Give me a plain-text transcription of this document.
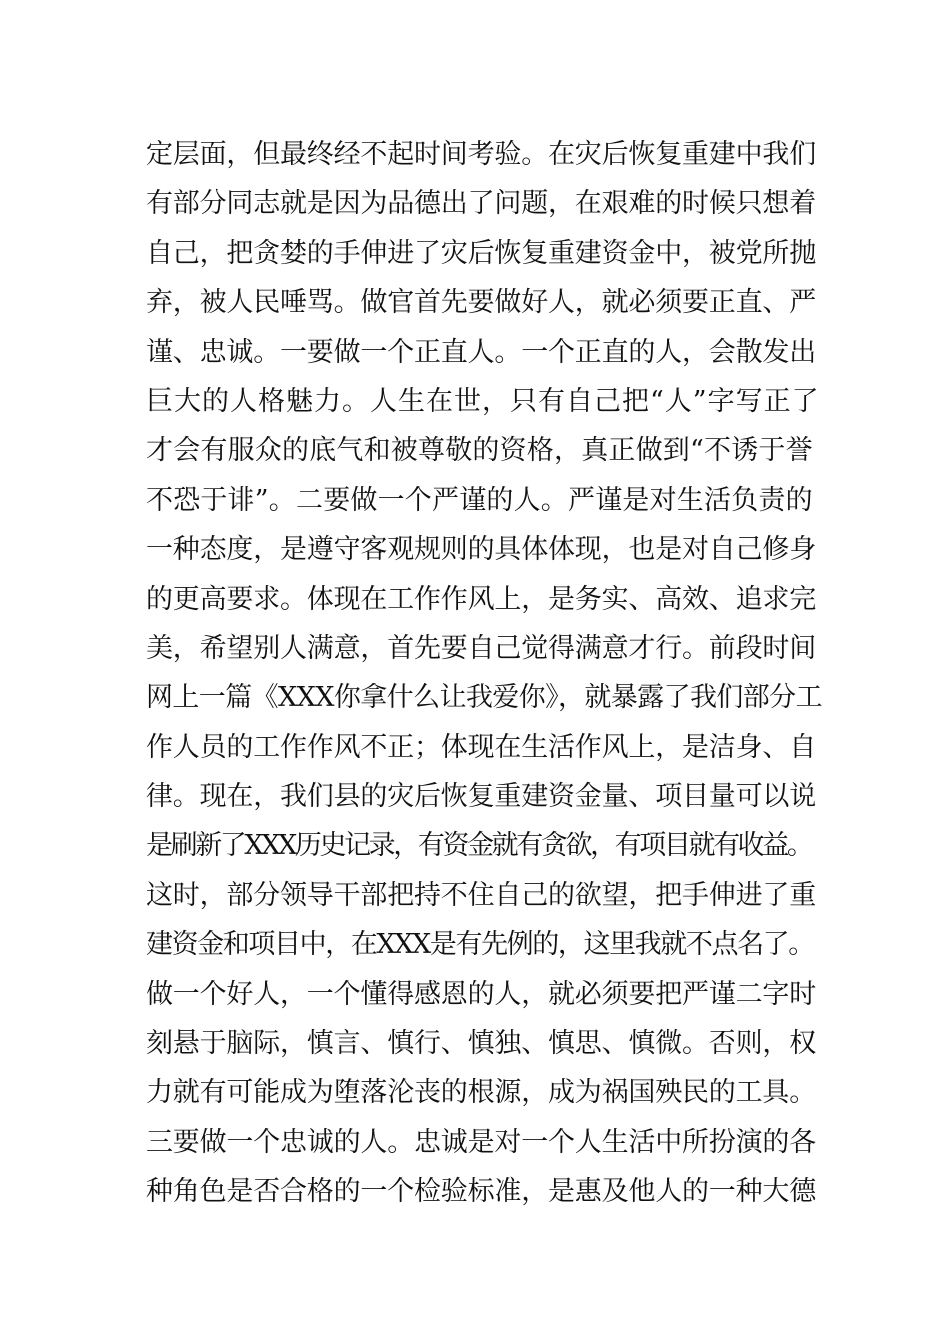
定层面，但最终经不起时间考验。在灾后恢复重建中我们
有部分同志就是因为品德出了问题，在艰难的时候只想着
自己，把贪婪的手伸进了灾后恢复重建资金中，被党所抛
弃，被人民唾骂。做官首先要做好人，就必须要正直、严
谨、忠诚。一要做一个正直人。一个正直的人，会散发出
巨大的人格魅力。人生在世，只有自己把“人”字写正了
才会有服众的底气和被尊敬的资格，真正做到“不诱于誉
不恐于诽”。二要做一个严谨的人。严谨是对生活负责的
一种态度，是遵守客观规则的具体体现，也是对自己修身
的更高要求。体现在工作作风上，是务实、高效、追求完
美，希望别人满意，首先要自己觉得满意才行。前段时间
网上一篇《XXX你拿什么让我爱你》，就暴露了我们部分工
作人员的工作作风不正；体现在生活作风上，是洁身、自
律。现在，我们县的灾后恢复重建资金量、项目量可以说
是刷新了XXX历史记录，有资金就有贪欲，有项目就有收益。
这时，部分领导干部把持不住自己的欲望，把手伸进了重
建资金和项目中，在XXX是有先例的，这里我就不点名了。
做一个好人，一个懂得感恩的人，就必须要把严谨二字时
刻悬于脑际，慎言、慎行、慎独、慎思、慎微。否则，权
力就有可能成为堕落沦丧的根源，成为祸国殃民的工具。
三要做一个忠诚的人。忠诚是对一个人生活中所扮演的各
种角色是否合格的一个检验标准，是惠及他人的一种大德
